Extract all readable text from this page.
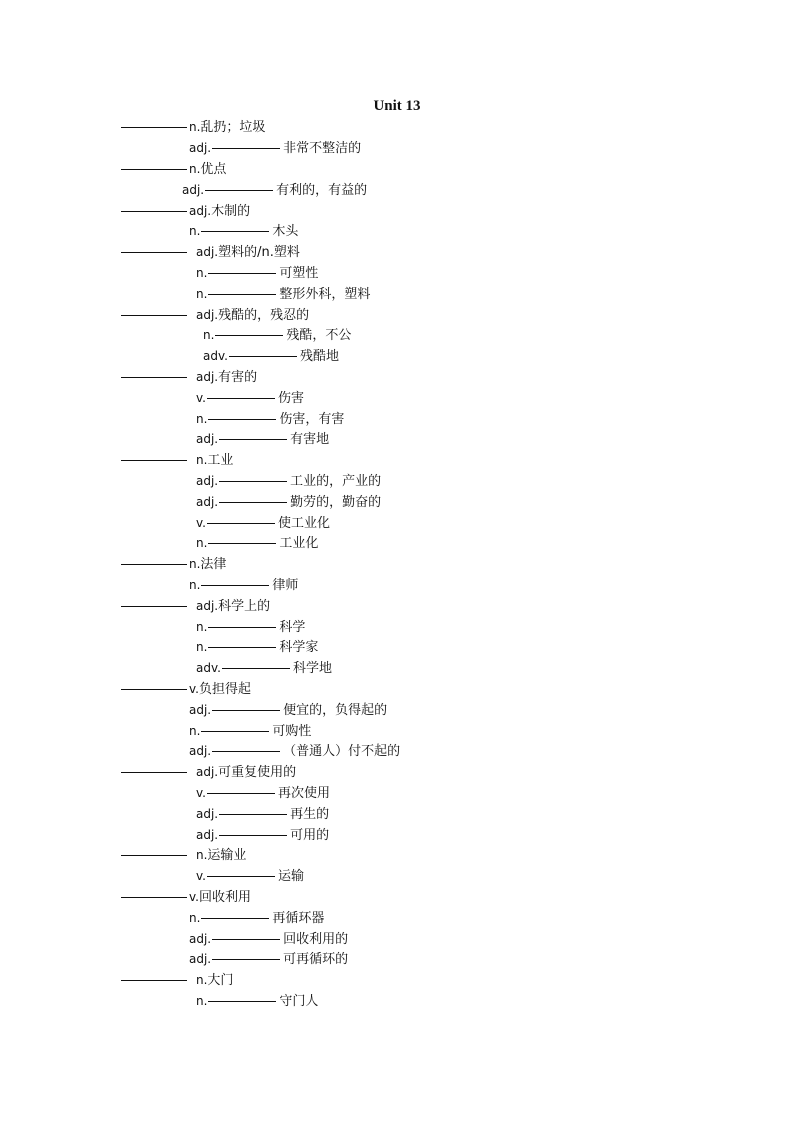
Unit 13
n.乱扔；垃圾
adj.	非常不整洁的
n.优点
adj.	有利的，有益的
adj.木制的
n.	木头
adj.塑料的/n.塑料
n.	可塑性
n.	整形外科，塑料
adj.残酷的，残忍的
n.	残酷，不公
adv.	残酷地
adj.有害的
v.	伤害
n.	伤害，有害
adj.	有害地
n.工业
adj.	工业的，产业的
adj.	勤劳的，勤奋的
v.	使工业化
n.	工业化
n.法律
n.	律师
adj.科学上的
n.	科学
n.	科学家
adv.	科学地
v.负担得起
adj.	便宜的，负得起的
n.	可购性
adj.	（普通人）付不起的
adj.可重复使用的
v.	再次使用
adj.	再生的
adj.	可用的
n.运输业
v.	运输
v.回收利用
n.	再循环器
adj.	回收利用的
adj.	可再循环的
n.大门
n.	守门人
